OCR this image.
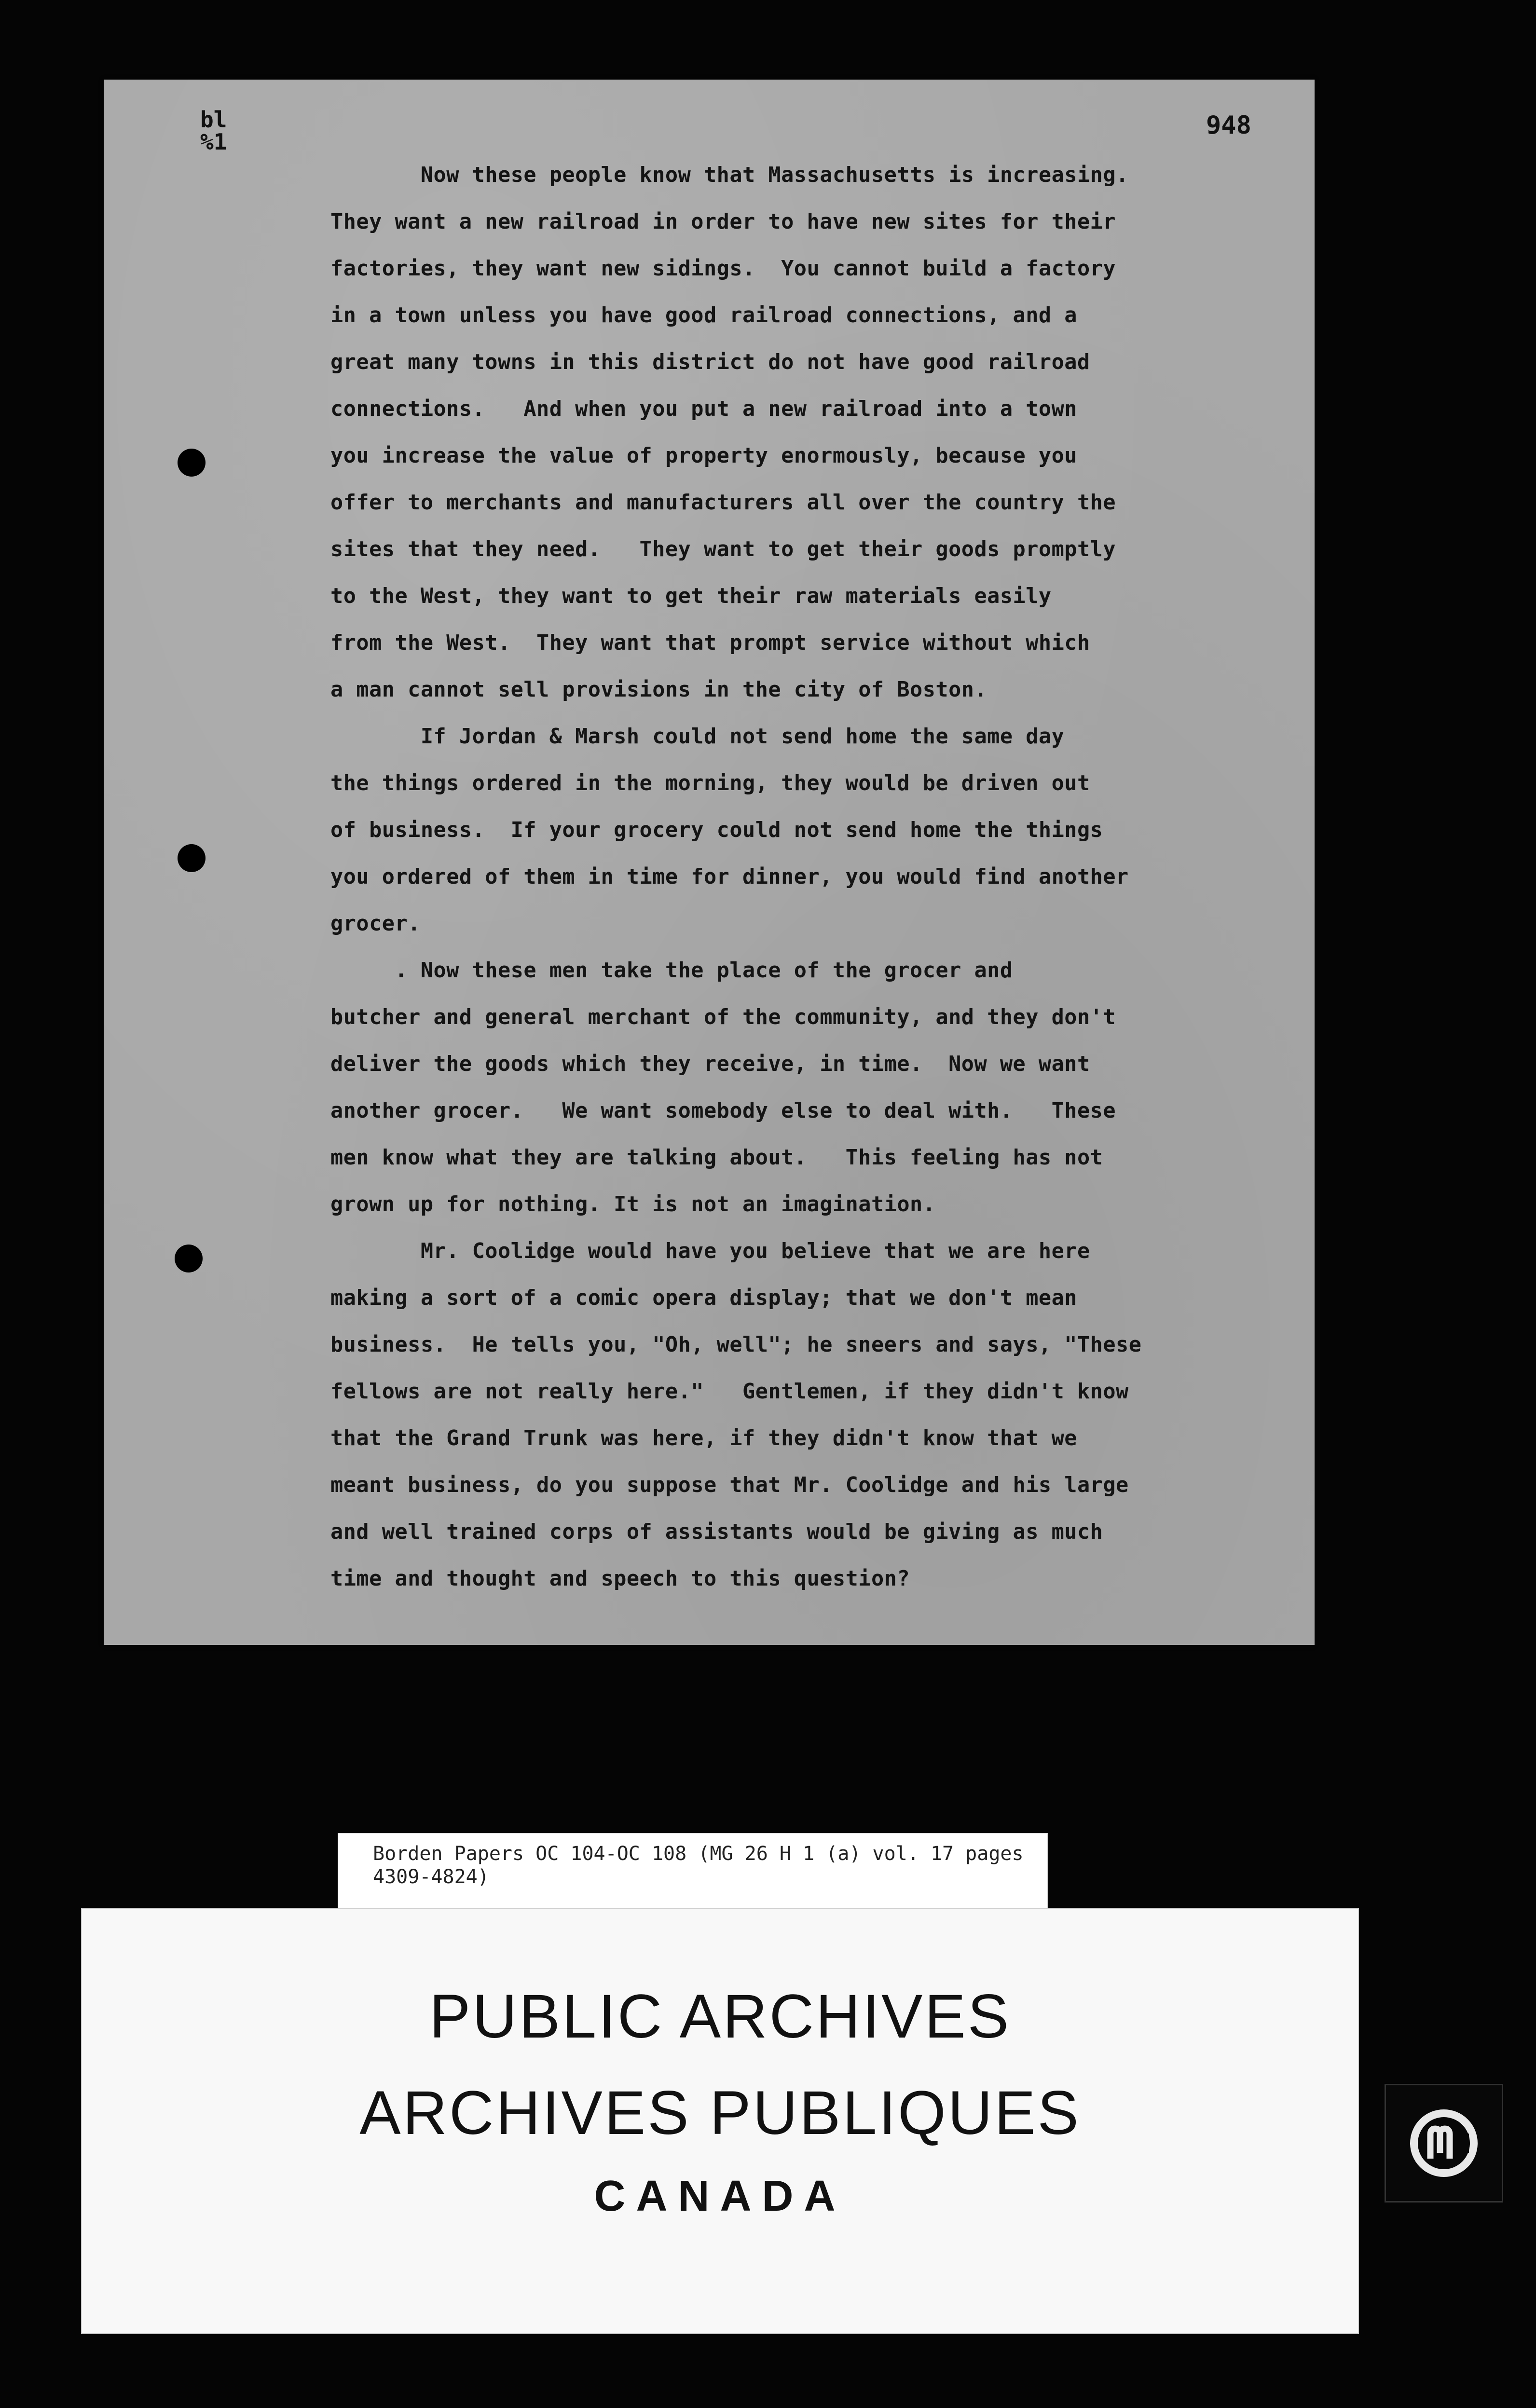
bl
%1
948
Now these people know that Massachusetts is increasing.
They want a new railroad in order to have new sites for their
factories, they want new sidings.  You cannot build a factory
in a town unless you have good railroad connections, and a
great many towns in this district do not have good railroad
connections.   And when you put a new railroad into a town
you increase the value of property enormously, because you
offer to merchants and manufacturers all over the country the
sites that they need.   They want to get their goods promptly
to the West, they want to get their raw materials easily
from the West.  They want that prompt service without which
a man cannot sell provisions in the city of Boston.
If Jordan & Marsh could not send home the same day
the things ordered in the morning, they would be driven out
of business.  If your grocery could not send home the things
you ordered of them in time for dinner, you would find another
grocer.
. Now these men take the place of the grocer and
butcher and general merchant of the community, and they don't
deliver the goods which they receive, in time.  Now we want
another grocer.   We want somebody else to deal with.   These
men know what they are talking about.   This feeling has not
grown up for nothing. It is not an imagination.
Mr. Coolidge would have you believe that we are here
making a sort of a comic opera display; that we don't mean
business.  He tells you, "Oh, well"; he sneers and says, "These
fellows are not really here."   Gentlemen, if they didn't know
that the Grand Trunk was here, if they didn't know that we
meant business, do you suppose that Mr. Coolidge and his large
and well trained corps of assistants would be giving as much
time and thought and speech to this question?
Borden Papers OC 104-OC 108 (MG 26 H 1 (a) vol. 17 pages 4309-4824)
PUBLIC ARCHIVES
ARCHIVES PUBLIQUES
CANADA
